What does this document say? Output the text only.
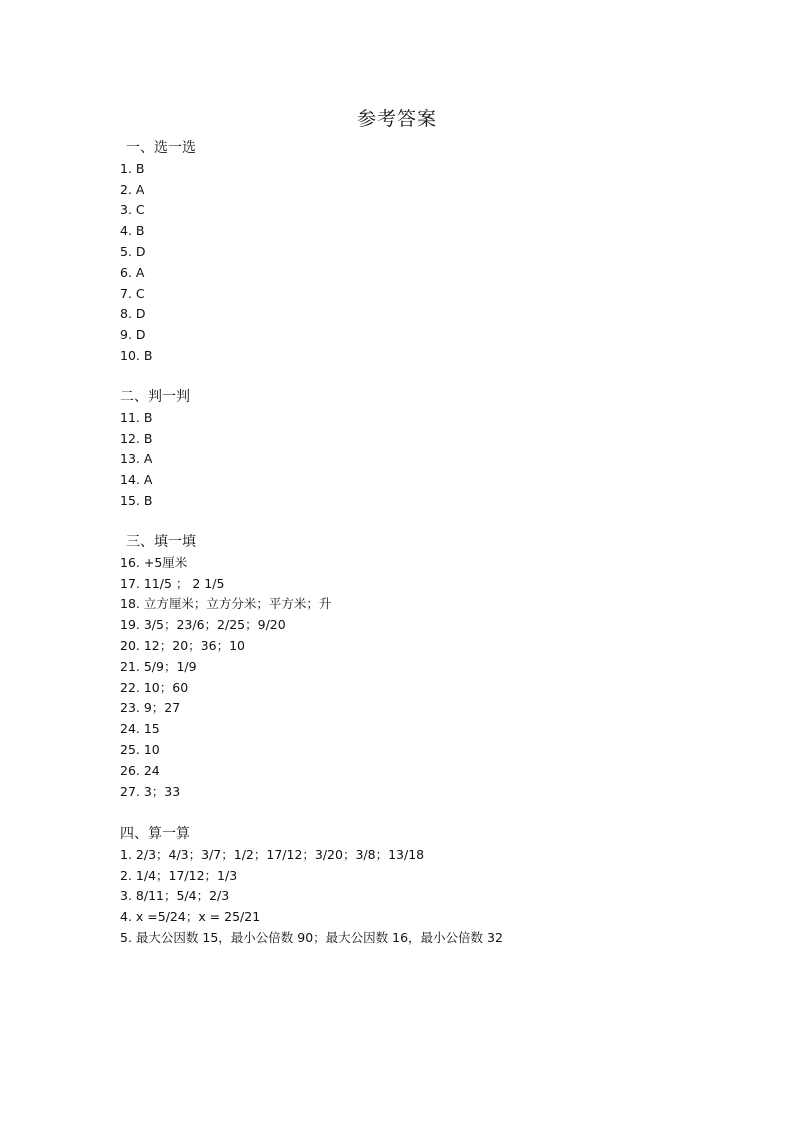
参考答案
一、选一选
1. B
2. A
3. C
4. B
5. D
6. A
7. C
8. D
9. D
10. B
二、判一判
11. B
12. B
13. A
14. A
15. B
三、填一填
16. +5厘米
17. 11/5 ； 2 1/5
18. 立方厘米；立方分米；平方米；升
19. 3/5；23/6；2/25；9/20
20. 12；20；36；10
21. 5/9；1/9
22. 10；60
23. 9；27
24. 15
25. 10
26. 24
27. 3；33
四、算一算
1. 2/3；4/3；3/7；1/2；17/12；3/20；3/8；13/18
2. 1/4；17/12；1/3
3. 8/11；5/4；2/3
4. x =5/24；x = 25/21
5. 最大公因数 15，最小公倍数 90；最大公因数 16，最小公倍数 32
